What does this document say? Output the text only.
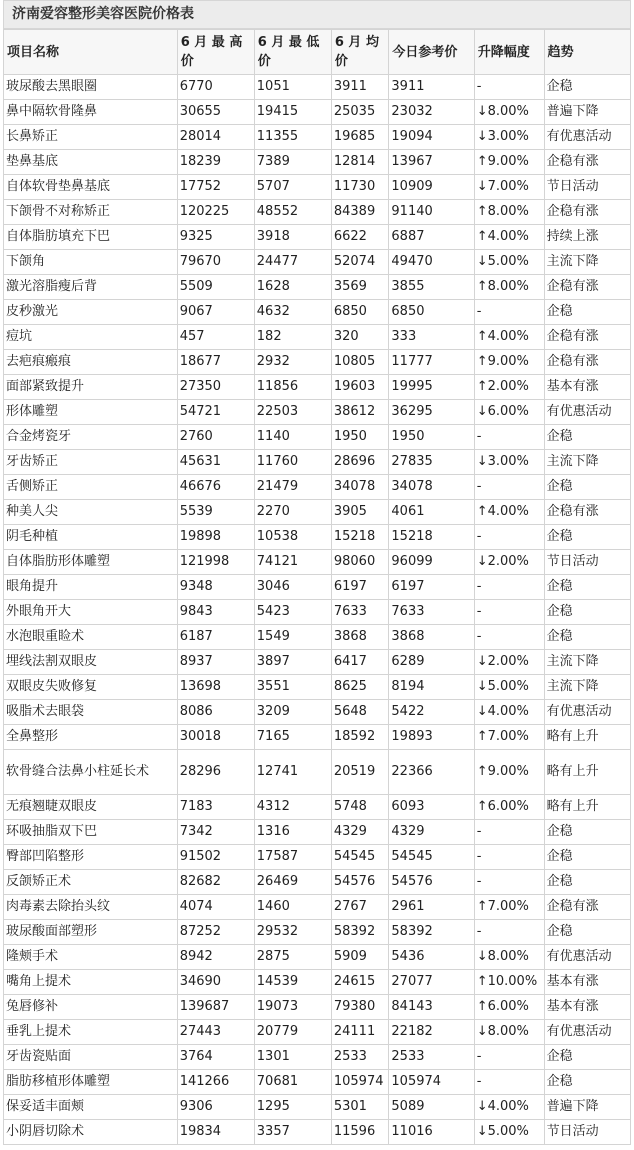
济南爱容整形美容医院价格表
项目名称	6 月 最 高价	6 月 最 低价	6 月 均价	今日参考价	升降幅度	趋势
玻尿酸去黑眼圈	6770	1051	3911	3911	-	企稳
鼻中隔软骨隆鼻	30655	19415	25035	23032	↓8.00%	普遍下降
长鼻矫正	28014	11355	19685	19094	↓3.00%	有优惠活动
垫鼻基底	18239	7389	12814	13967	↑9.00%	企稳有涨
自体软骨垫鼻基底	17752	5707	11730	10909	↓7.00%	节日活动
下颌骨不对称矫正	120225	48552	84389	91140	↑8.00%	企稳有涨
自体脂肪填充下巴	9325	3918	6622	6887	↑4.00%	持续上涨
下颌角	79670	24477	52074	49470	↓5.00%	主流下降
激光溶脂瘦后背	5509	1628	3569	3855	↑8.00%	企稳有涨
皮秒激光	9067	4632	6850	6850	-	企稳
痘坑	457	182	320	333	↑4.00%	企稳有涨
去疤痕瘢痕	18677	2932	10805	11777	↑9.00%	企稳有涨
面部紧致提升	27350	11856	19603	19995	↑2.00%	基本有涨
形体雕塑	54721	22503	38612	36295	↓6.00%	有优惠活动
合金烤瓷牙	2760	1140	1950	1950	-	企稳
牙齿矫正	45631	11760	28696	27835	↓3.00%	主流下降
舌侧矫正	46676	21479	34078	34078	-	企稳
种美人尖	5539	2270	3905	4061	↑4.00%	企稳有涨
阴毛种植	19898	10538	15218	15218	-	企稳
自体脂肪形体雕塑	121998	74121	98060	96099	↓2.00%	节日活动
眼角提升	9348	3046	6197	6197	-	企稳
外眼角开大	9843	5423	7633	7633	-	企稳
水泡眼重睑术	6187	1549	3868	3868	-	企稳
埋线法割双眼皮	8937	3897	6417	6289	↓2.00%	主流下降
双眼皮失败修复	13698	3551	8625	8194	↓5.00%	主流下降
吸脂术去眼袋	8086	3209	5648	5422	↓4.00%	有优惠活动
全鼻整形	30018	7165	18592	19893	↑7.00%	略有上升
软骨缝合法鼻小柱延长术	28296	12741	20519	22366	↑9.00%	略有上升
无痕翘睫双眼皮	7183	4312	5748	6093	↑6.00%	略有上升
环吸抽脂双下巴	7342	1316	4329	4329	-	企稳
臀部凹陷整形	91502	17587	54545	54545	-	企稳
反颌矫正术	82682	26469	54576	54576	-	企稳
肉毒素去除抬头纹	4074	1460	2767	2961	↑7.00%	企稳有涨
玻尿酸面部塑形	87252	29532	58392	58392	-	企稳
隆颊手术	8942	2875	5909	5436	↓8.00%	有优惠活动
嘴角上提术	34690	14539	24615	27077	↑10.00%	基本有涨
兔唇修补	139687	19073	79380	84143	↑6.00%	基本有涨
垂乳上提术	27443	20779	24111	22182	↓8.00%	有优惠活动
牙齿瓷贴面	3764	1301	2533	2533	-	企稳
脂肪移植形体雕塑	141266	70681	105974	105974	-	企稳
保妥适丰面颊	9306	1295	5301	5089	↓4.00%	普遍下降
小阴唇切除术	19834	3357	11596	11016	↓5.00%	节日活动
